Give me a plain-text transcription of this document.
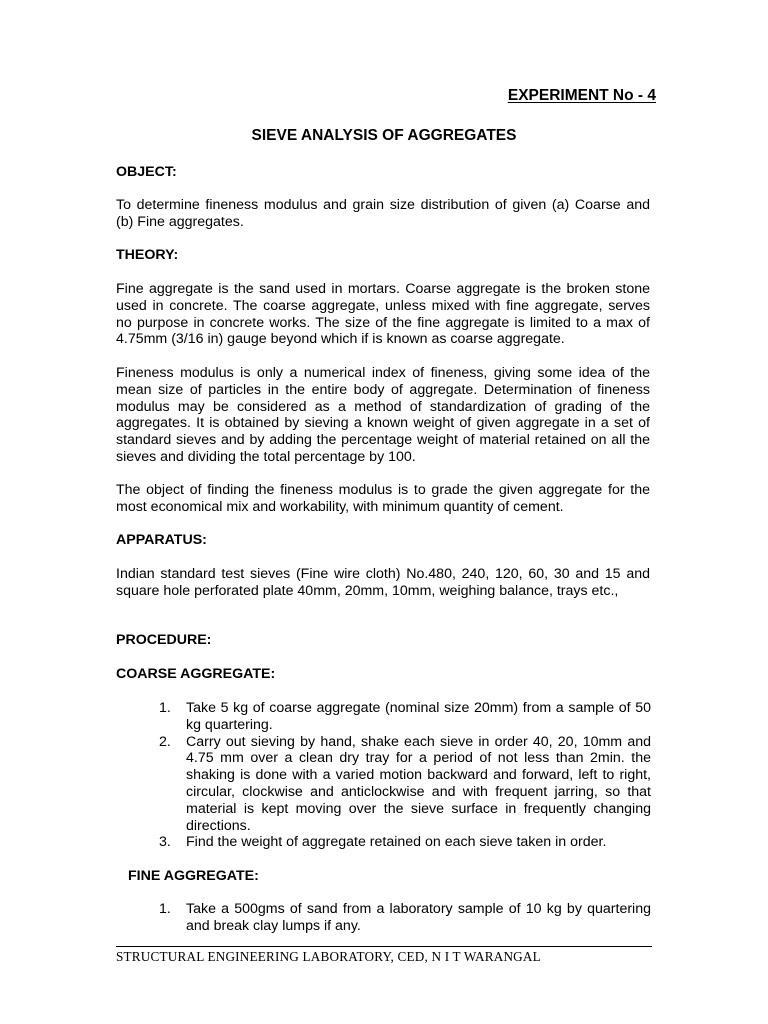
EXPERIMENT No - 4
SIEVE ANALYSIS OF AGGREGATES
OBJECT:

To determine fineness modulus and grain size distribution of given (a) Coarse and (b) Fine aggregates.

THEORY:

Fine aggregate is the sand used in mortars. Coarse aggregate is the broken stone used in concrete. The coarse aggregate, unless mixed with fine aggregate, serves no purpose in concrete works. The size of the fine aggregate is limited to a max of 4.75mm (3/16 in) gauge beyond which if is known as coarse aggregate.

Fineness modulus is only a numerical index of fineness, giving some idea of the mean size of particles in the entire body of aggregate. Determination of fineness modulus may be considered as a method of standardization of grading of the aggregates. It is obtained by sieving a known weight of given aggregate in a set of standard sieves and by adding the percentage weight of material retained on all the sieves and dividing the total percentage by 100.

The object of finding the fineness modulus is to grade the given aggregate for the most economical mix and workability, with minimum quantity of cement.

APPARATUS:

Indian standard test sieves (Fine wire cloth) No.480, 240, 120, 60, 30 and 15 and square hole perforated plate 40mm, 20mm, 10mm, weighing balance, trays etc.,

PROCEDURE:
COARSE AGGREGATE:
1. Take 5 kg of coarse aggregate (nominal size 20mm) from a sample of 50 kg quartering.
2. Carry out sieving by hand, shake each sieve in order 40, 20, 10mm and 4.75 mm over a clean dry tray for a period of not less than 2min. the shaking is done with a varied motion backward and forward, left to right, circular, clockwise and anticlockwise and with frequent jarring, so that material is kept moving over the sieve surface in frequently changing directions.
3. Find the weight of aggregate retained on each sieve taken in order.
FINE AGGREGATE:
1. Take a 500gms of sand from a laboratory sample of 10 kg by quartering and break clay lumps if any.
STRUCTURAL ENGINEERING LABORATORY, CED, N I T WARANGAL
